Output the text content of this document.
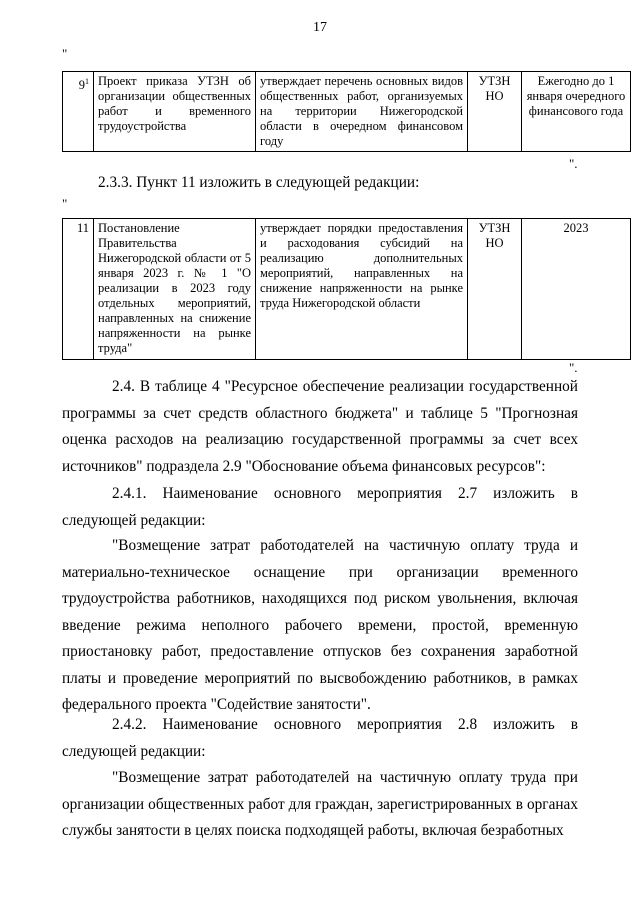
17
"
$9^1$	Проект приказа УТЗН об организации общественных работ и временного трудоустройства	утверждает перечень основных видов общественных работ, организуемых на территории Нижегородской области в очередном финансовом году	УТЗН НО	Ежегодно до 1 января очередного финансового года
".
2.3.3. Пункт 11 изложить в следующей редакции:
"
11	Постановление Правительства Нижегородской области от 5 января 2023 г. № 1 "О реализации в 2023 году отдельных мероприятий, направленных на снижение напряженности на рынке труда"	утверждает порядки предоставления и расходования субсидий на реализацию дополнительных мероприятий, направленных на снижение напряженности на рынке труда Нижегородской области	УТЗН НО	2023
".
2.4. В таблице 4 "Ресурсное обеспечение реализации государственной программы за счет средств областного бюджета" и таблице 5 "Прогнозная оценка расходов на реализацию государственной программы за счет всех источников" подраздела 2.9 "Обоснование объема финансовых ресурсов":
2.4.1. Наименование основного мероприятия 2.7 изложить в следующей редакции:
"Возмещение затрат работодателей на частичную оплату труда и материально-техническое оснащение при организации временного трудоустройства работников, находящихся под риском увольнения, включая введение режима неполного рабочего времени, простой, временную приостановку работ, предоставление отпусков без сохранения заработной платы и проведение мероприятий по высвобождению работников, в рамках федерального проекта "Содействие занятости".
2.4.2. Наименование основного мероприятия 2.8 изложить в следующей редакции:
"Возмещение затрат работодателей на частичную оплату труда при организации общественных работ для граждан, зарегистрированных в органах службы занятости в целях поиска подходящей работы, включая безработных
